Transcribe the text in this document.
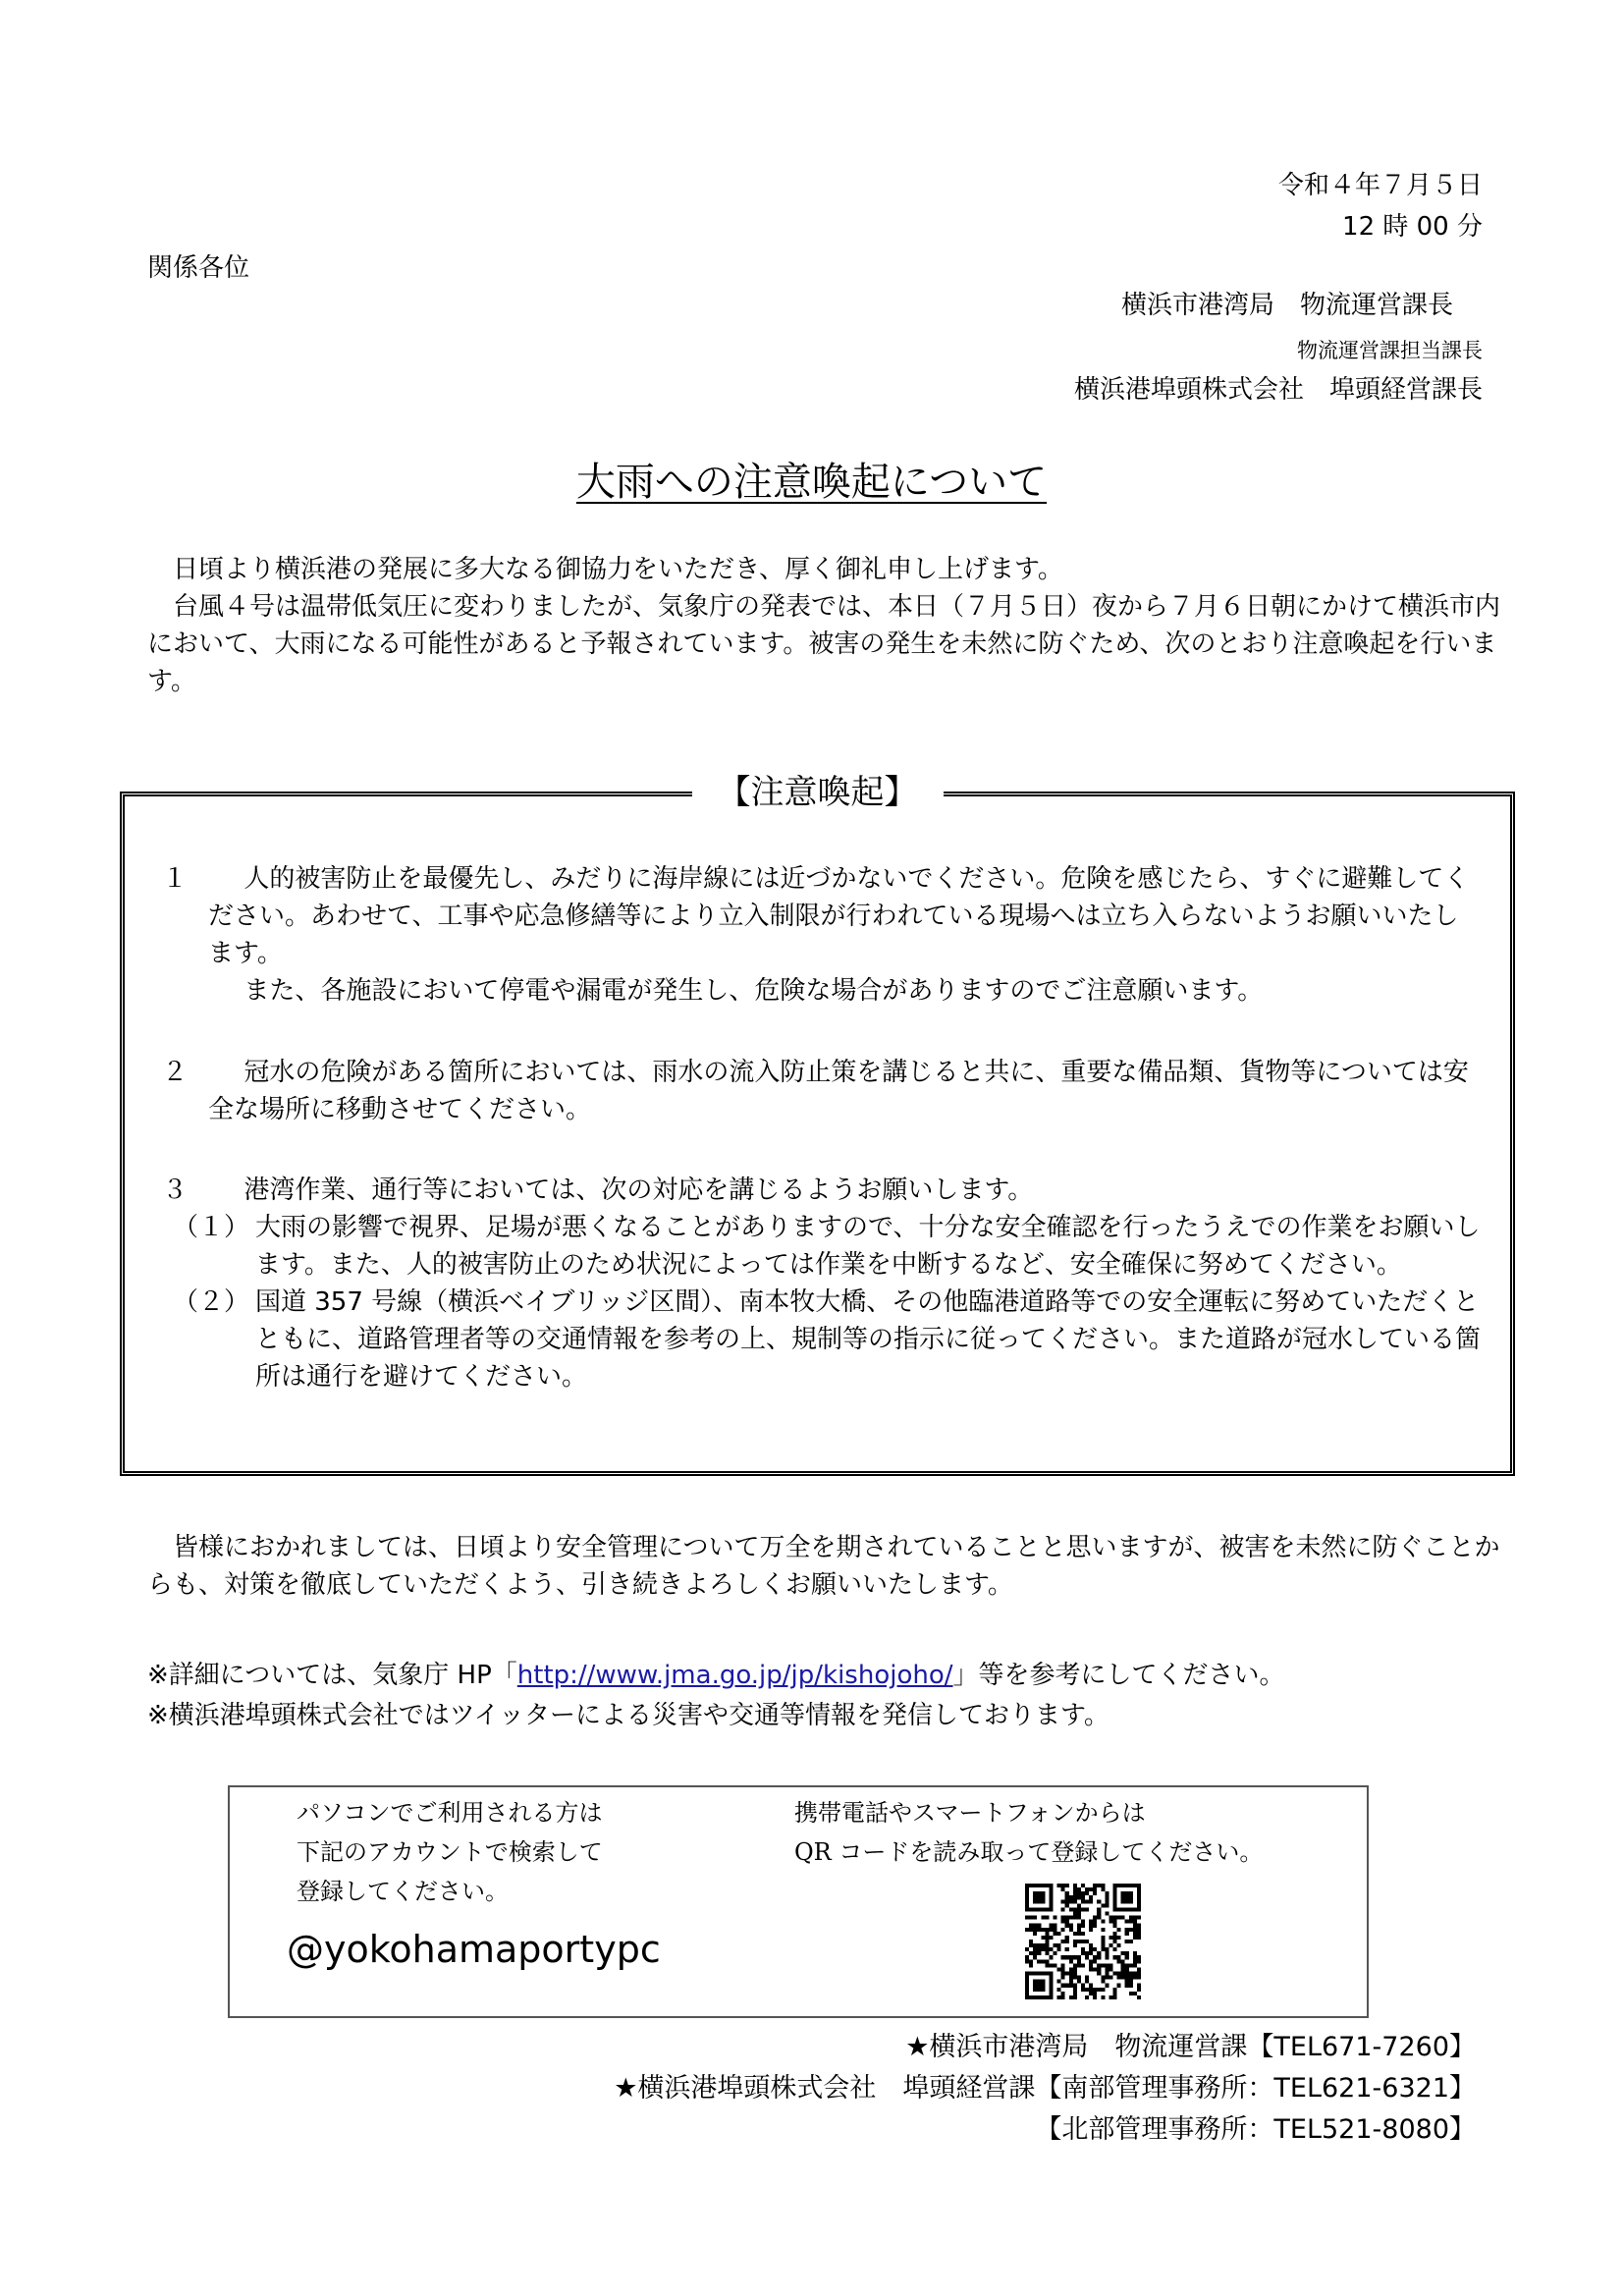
令和４年７月５日
12 時 00 分
関係各位
横浜市港湾局　物流運営課長
物流運営課担当課長
横浜港埠頭株式会社　埠頭経営課長
大雨への注意喚起について

日頃より横浜港の発展に多大なる御協力をいただき、厚く御礼申し上げます。

台風４号は温帯低気圧に変わりましたが、気象庁の発表では、本日（７月５日）夜から７月６日朝にかけて横浜市内において、大雨になる可能性があると予報されています。被害の発生を未然に防ぐため、次のとおり注意喚起を行います。

【注意喚起】
１	人的被害防止を最優先し、みだりに海岸線には近づかないでください。危険を感じたら、すぐに避難してください。あわせて、工事や応急修繕等により立入制限が行われている現場へは立ち入らないようお願いいたします。

また、各施設において停電や漏電が発生し、危険な場合がありますのでご注意願います。

２	冠水の危険がある箇所においては、雨水の流入防止策を講じると共に、重要な備品類、貨物等については安全な場所に移動させてください。

３	港湾作業、通行等においては、次の対応を講じるようお願いします。

（１） 大雨の影響で視界、足場が悪くなることがありますので、十分な安全確認を行ったうえでの作業をお願いします。また、人的被害防止のため状況によっては作業を中断するなど、安全確保に努めてください。

（２） 国道 357 号線（横浜ベイブリッジ区間）、南本牧大橋、その他臨港道路等での安全運転に努めていただくとともに、道路管理者等の交通情報を参考の上、規制等の指示に従ってください。また道路が冠水している箇所は通行を避けてください。

皆様におかれましては、日頃より安全管理について万全を期されていることと思いますが、被害を未然に防ぐことからも、対策を徹底していただくよう、引き続きよろしくお願いいたします。

※詳細については、気象庁 HP「http://www.jma.go.jp/jp/kishojoho/」等を参考にしてください。
※横浜港埠頭株式会社ではツイッターによる災害や交通等情報を発信しております。
パソコンでご利用される方は
下記のアカウントで検索して
登録してください。
@yokohamaportypc
携帯電話やスマートフォンからは
QR コードを読み取って登録してください。
★横浜市港湾局　物流運営課【TEL671-7260】
★横浜港埠頭株式会社　埠頭経営課【南部管理事務所：TEL621-6321】
【北部管理事務所：TEL521-8080】
